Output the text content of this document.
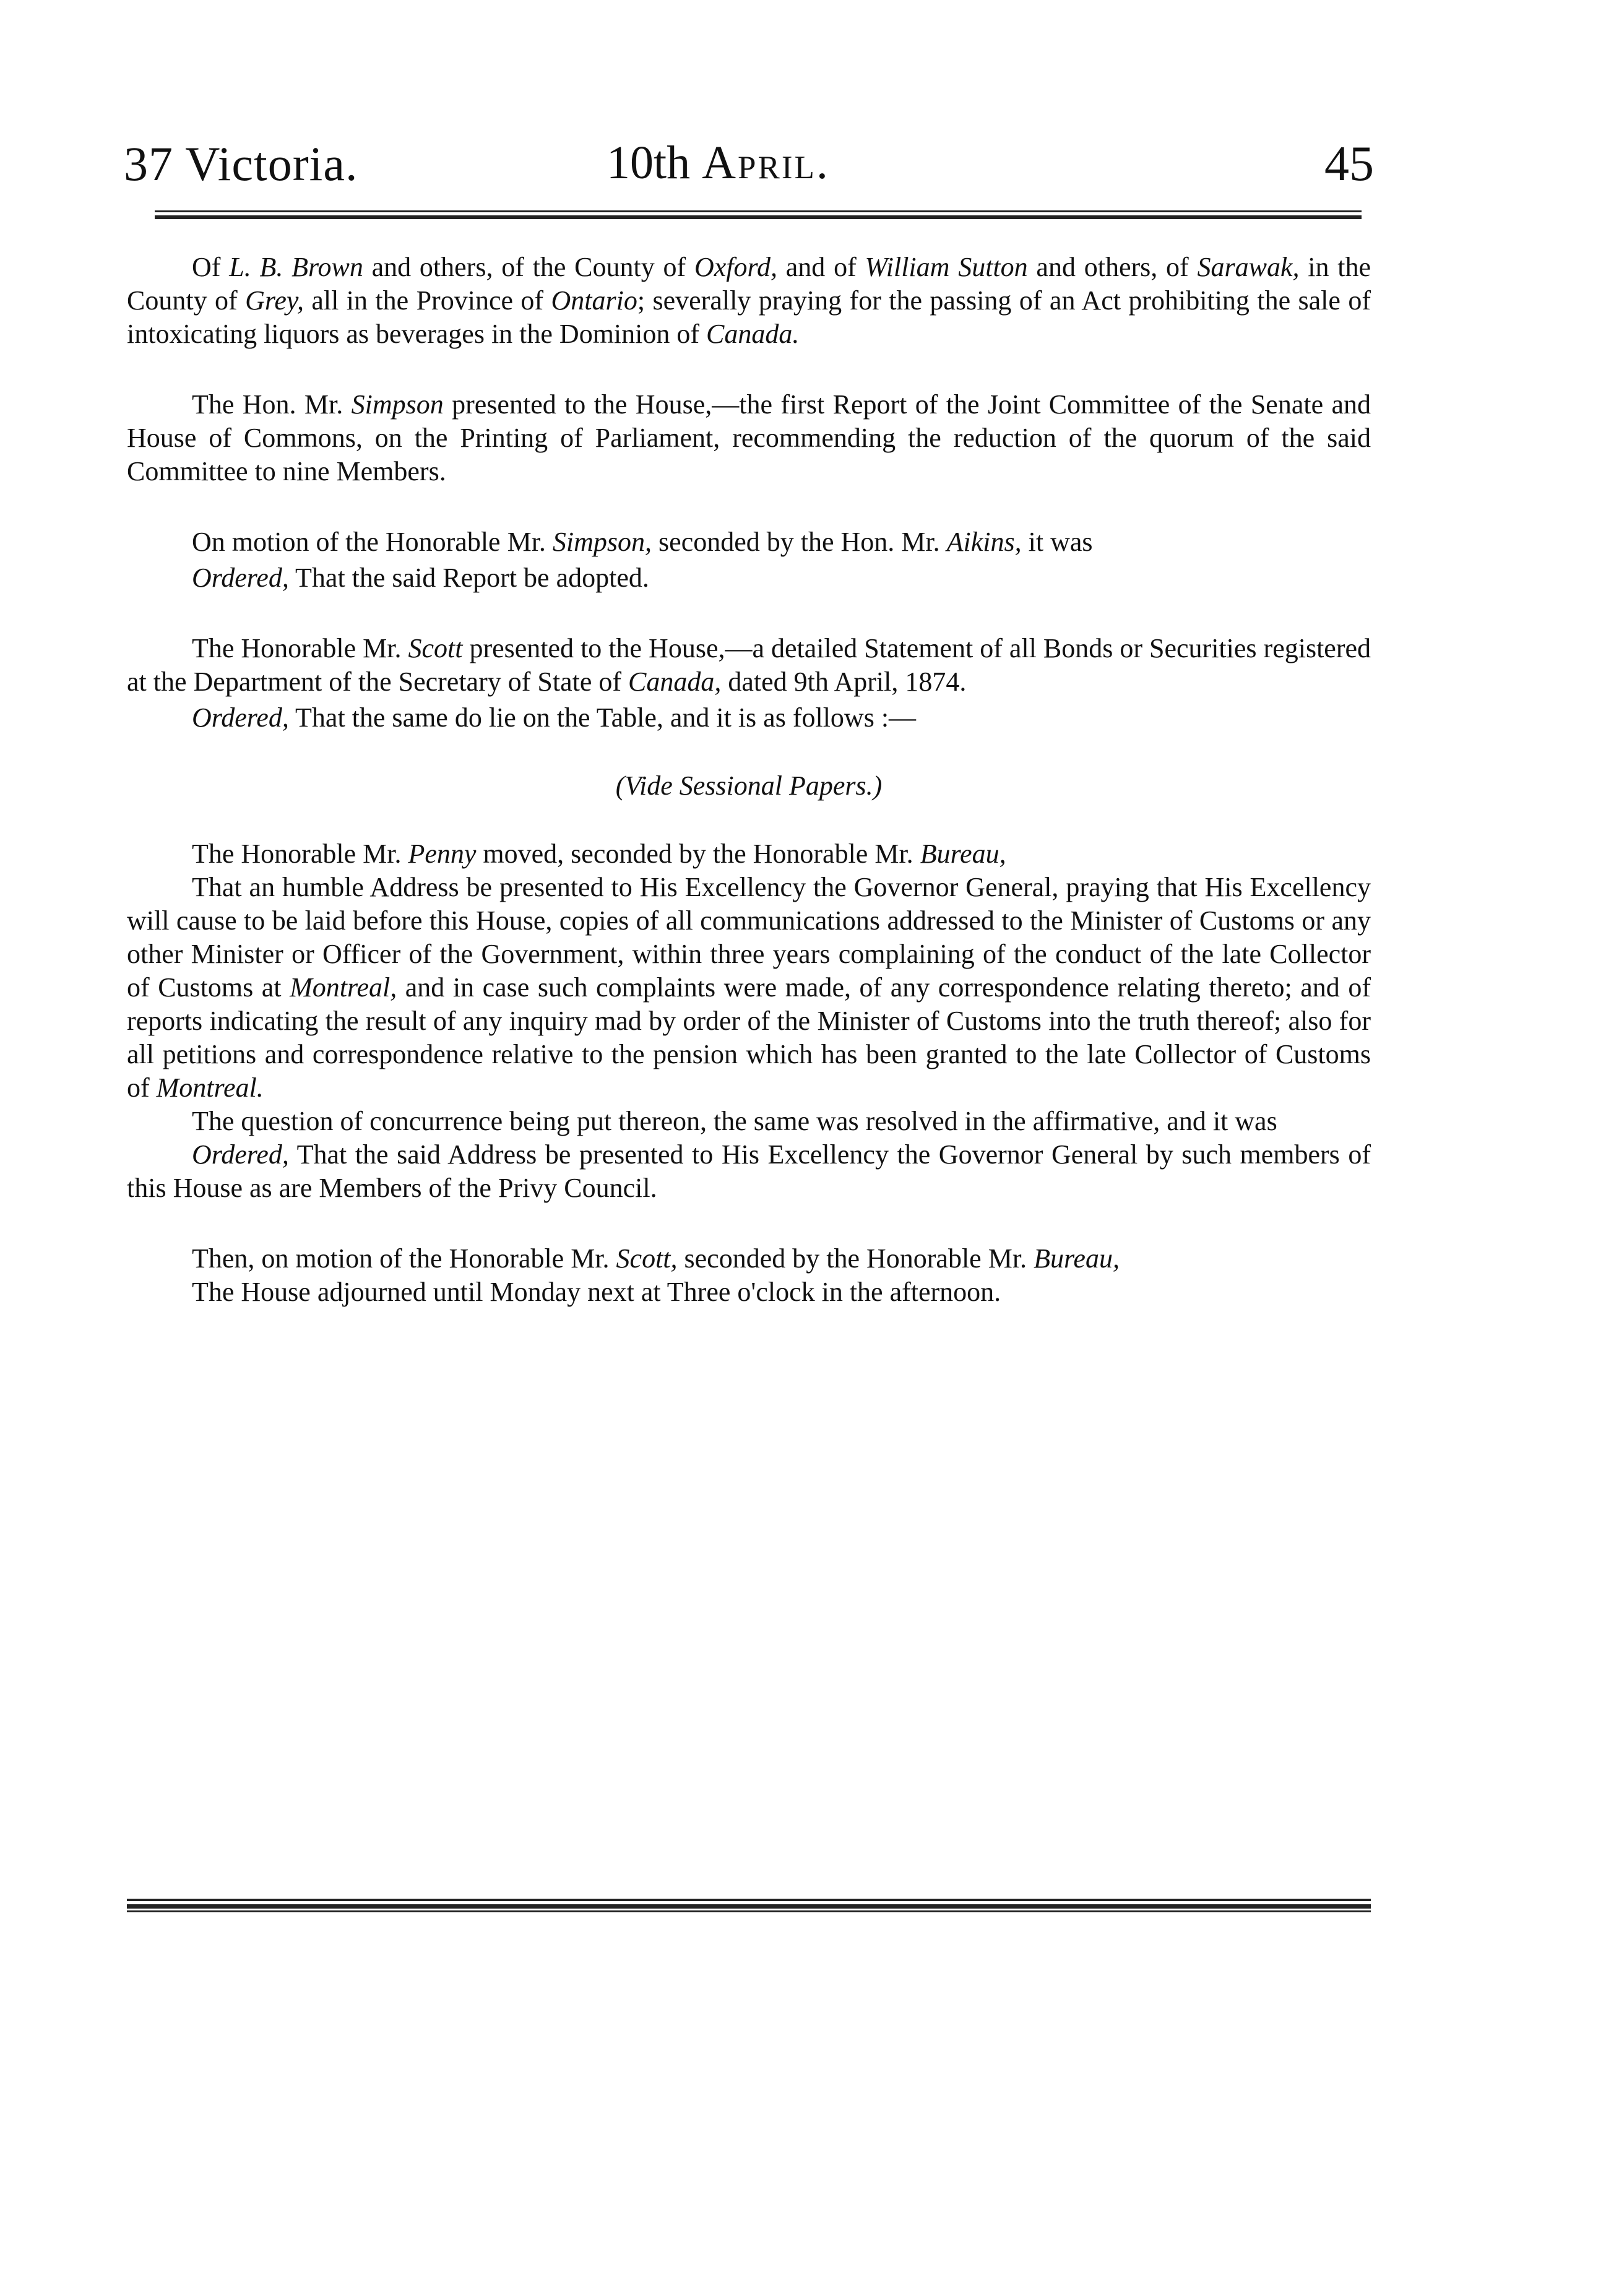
37 Victoria.	10th April.	45

Of L. B. Brown and others, of the County of Oxford, and of William Sutton and others, of Sarawak, in the County of Grey, all in the Province of Ontario; severally praying for the passing of an Act prohibiting the sale of intoxicating liquors as beverages in the Dominion of Canada.

The Hon. Mr. Simpson presented to the House,—the first Report of the Joint Committee of the Senate and House of Commons, on the Printing of Parliament, recommending the reduction of the quorum of the said Committee to nine Members.

On motion of the Honorable Mr. Simpson, seconded by the Hon. Mr. Aikins, it was

Ordered, That the said Report be adopted.

The Honorable Mr. Scott presented to the House,—a detailed Statement of all Bonds or Securities registered at the Department of the Secretary of State of Canada, dated 9th April, 1874.

Ordered, That the same do lie on the Table, and it is as follows :—

(Vide Sessional Papers.)

The Honorable Mr. Penny moved, seconded by the Honorable Mr. Bureau,

That an humble Address be presented to His Excellency the Governor General, praying that His Excellency will cause to be laid before this House, copies of all communications addressed to the Minister of Customs or any other Minister or Officer of the Government, within three years complaining of the conduct of the late Collector of Customs at Montreal, and in case such complaints were made, of any correspondence relating thereto; and of reports indicating the result of any inquiry mad by order of the Minister of Customs into the truth thereof; also for all petitions and correspondence relative to the pension which has been granted to the late Collector of Customs of Montreal.

The question of concurrence being put thereon, the same was resolved in the affirmative, and it was

Ordered, That the said Address be presented to His Excellency the Governor General by such members of this House as are Members of the Privy Council.

Then, on motion of the Honorable Mr. Scott, seconded by the Honorable Mr. Bureau,

The House adjourned until Monday next at Three o'clock in the afternoon.
